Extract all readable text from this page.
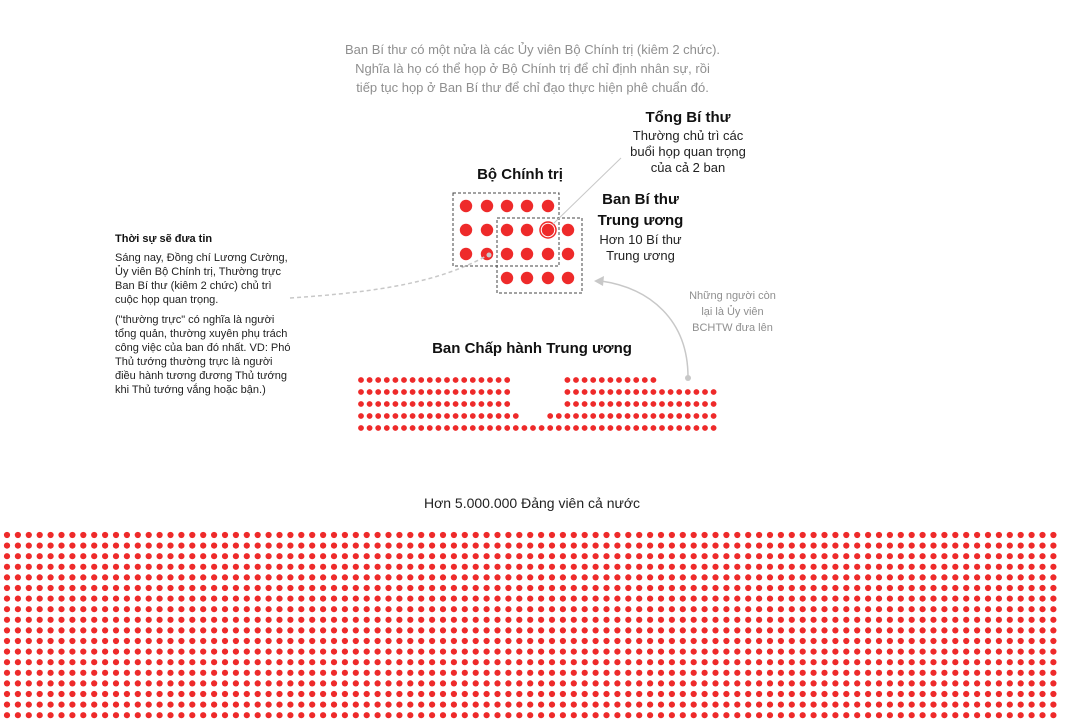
Ban Bí thư có một nửa là các Ủy viên Bộ Chính trị (kiêm 2 chức).
Nghĩa là họ có thể họp ở Bộ Chính trị để chỉ định nhân sự, rồi
tiếp tục họp ở Ban Bí thư để chỉ đạo thực hiện phê chuẩn đó.
Tổng Bí thư
Thường chủ trì các
buổi họp quan trọng
của cả 2 ban
Bộ Chính trị
Ban Bí thư
Trung ương
Hơn 10 Bí thư
Trung ương
Thời sự sẽ đưa tin
Sáng nay, Đồng chí Lương Cường,
Ủy viên Bộ Chính trị, Thường trực
Ban Bí thư (kiêm 2 chức) chủ trì
cuộc họp quan trọng.
("thường trực" có nghĩa là người
tổng quản, thường xuyên phụ trách
công việc của ban đó nhất. VD: Phó
Thủ tướng thường trực là người
điều hành tương đương Thủ tướng
khi Thủ tướng vắng hoặc bận.)
Những người còn
lại là Ủy viên
BCHTW đưa lên
Ban Chấp hành Trung ương
Hơn 5.000.000 Đảng viên cả nước
